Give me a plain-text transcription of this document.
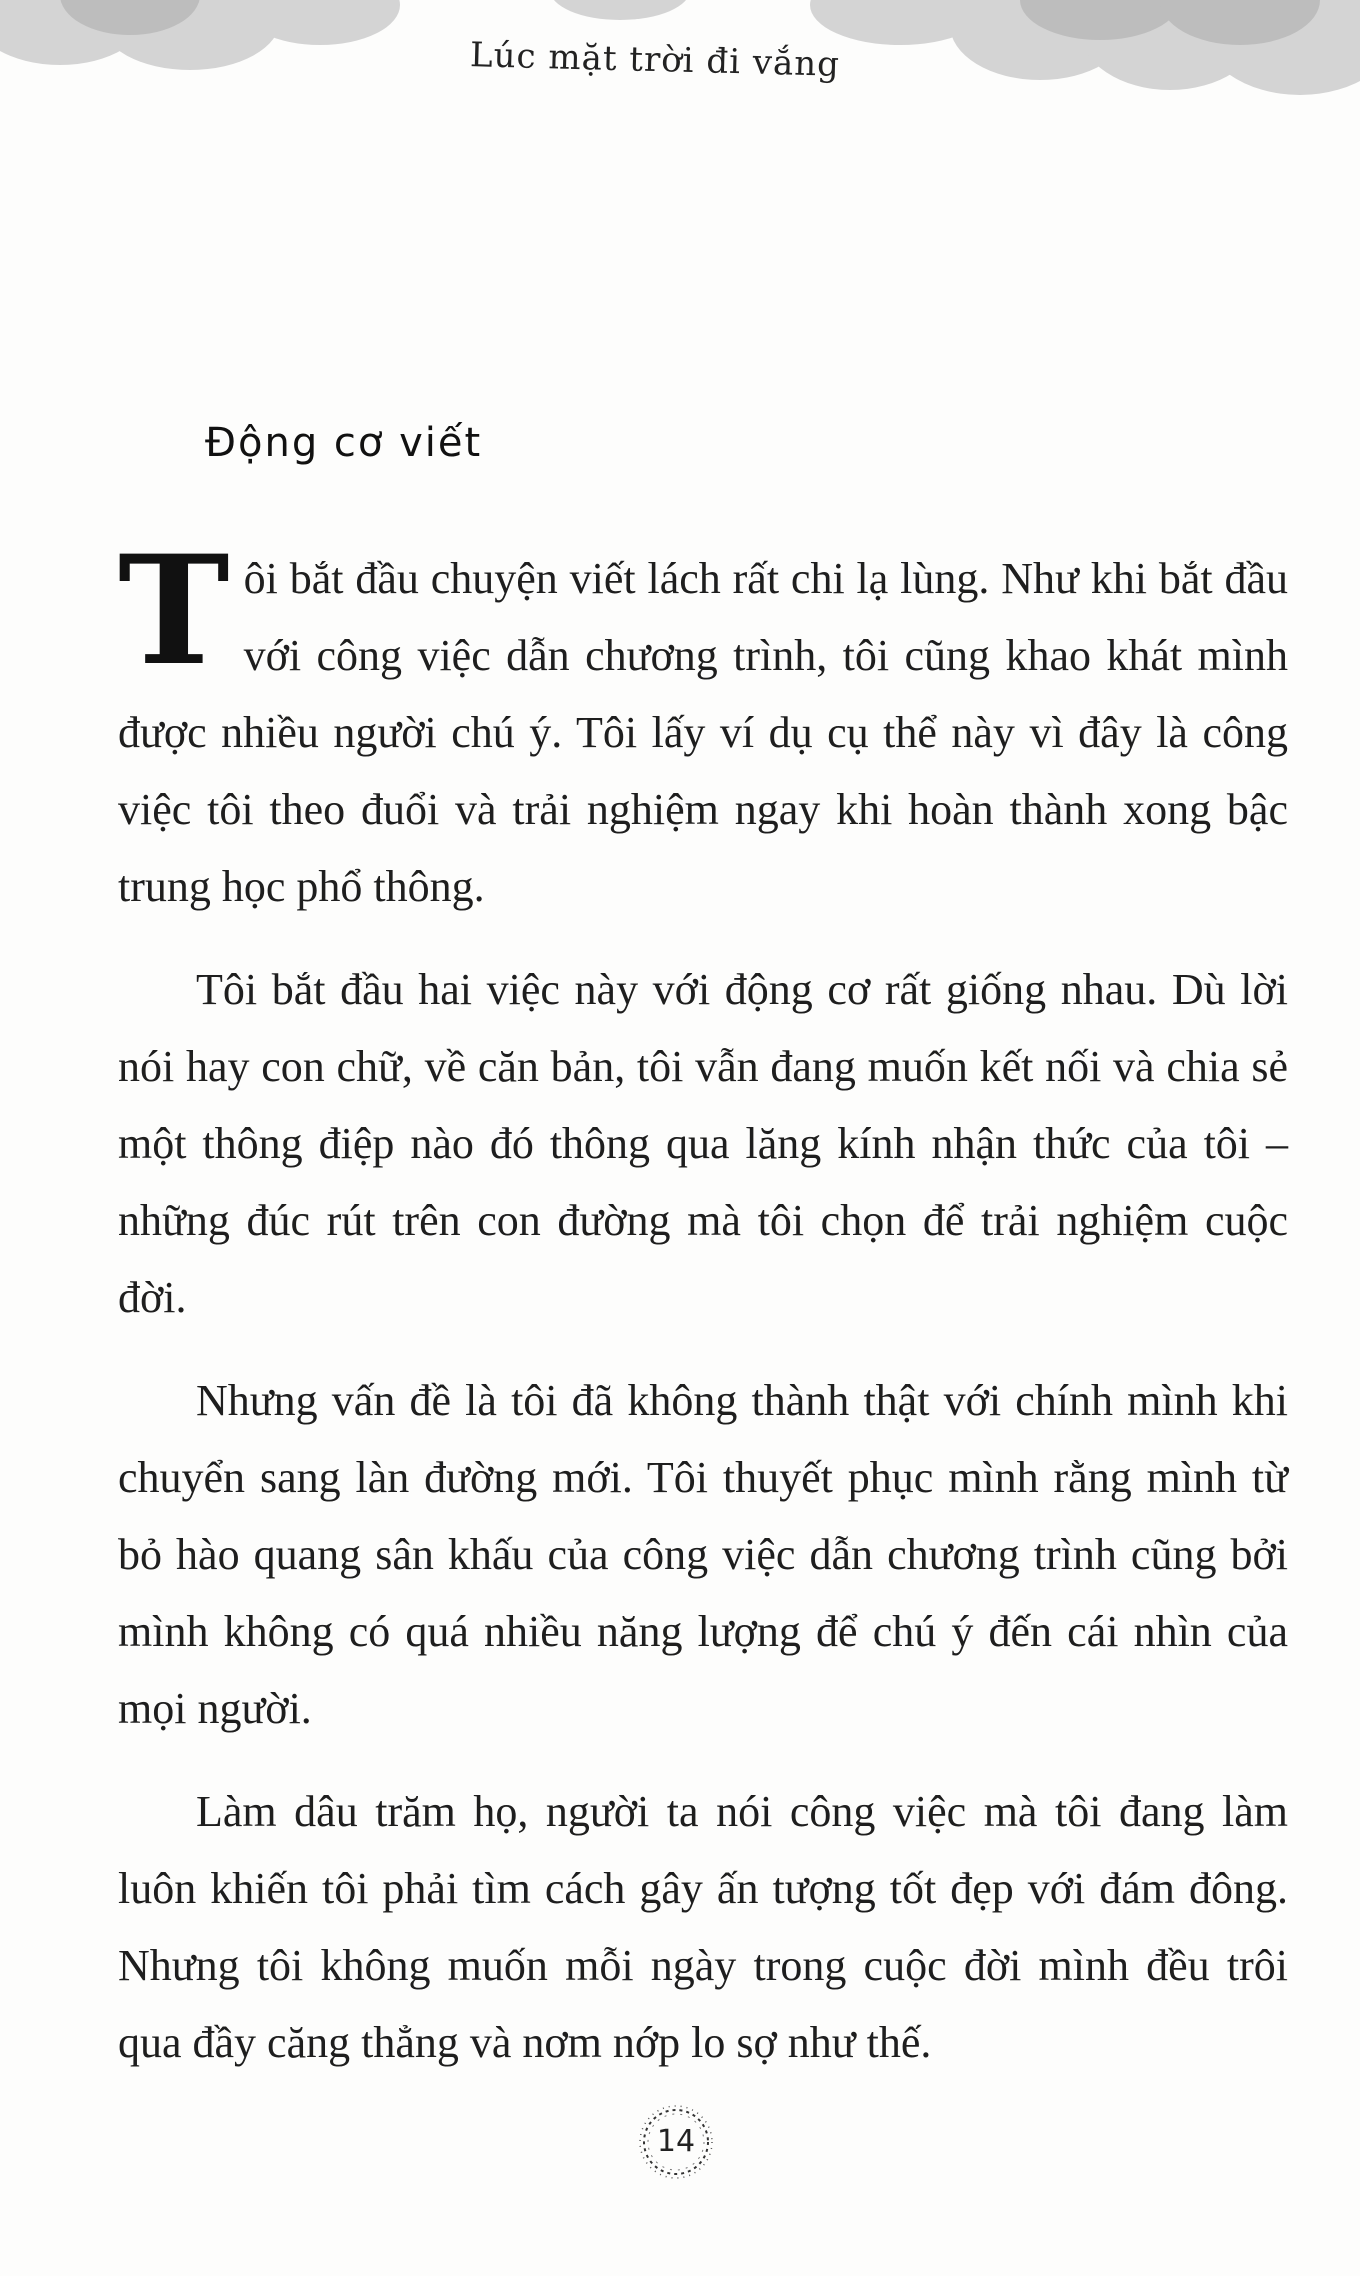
Lúc mặt trời đi vắng
Động cơ viết

T ôi bắt đầu chuyện viết lách rất chi lạ lùng. Như khi bắt đầu với công việc dẫn chương trình, tôi cũng khao khát mình được nhiều người chú ý. Tôi lấy ví dụ cụ thể này vì đây là công việc tôi theo đuổi và trải nghiệm ngay khi hoàn thành xong bậc trung học phổ thông.

Tôi bắt đầu hai việc này với động cơ rất giống nhau. Dù lời nói hay con chữ, về căn bản, tôi vẫn đang muốn kết nối và chia sẻ một thông điệp nào đó thông qua lăng kính nhận thức của tôi – những đúc rút trên con đường mà tôi chọn để trải nghiệm cuộc đời.

Nhưng vấn đề là tôi đã không thành thật với chính mình khi chuyển sang làn đường mới. Tôi thuyết phục mình rằng mình từ bỏ hào quang sân khấu của công việc dẫn chương trình cũng bởi mình không có quá nhiều năng lượng để chú ý đến cái nhìn của mọi người.

Làm dâu trăm họ, người ta nói công việc mà tôi đang làm luôn khiến tôi phải tìm cách gây ấn tượng tốt đẹp với đám đông. Nhưng tôi không muốn mỗi ngày trong cuộc đời mình đều trôi qua đầy căng thẳng và nơm nớp lo sợ như thế.

14
